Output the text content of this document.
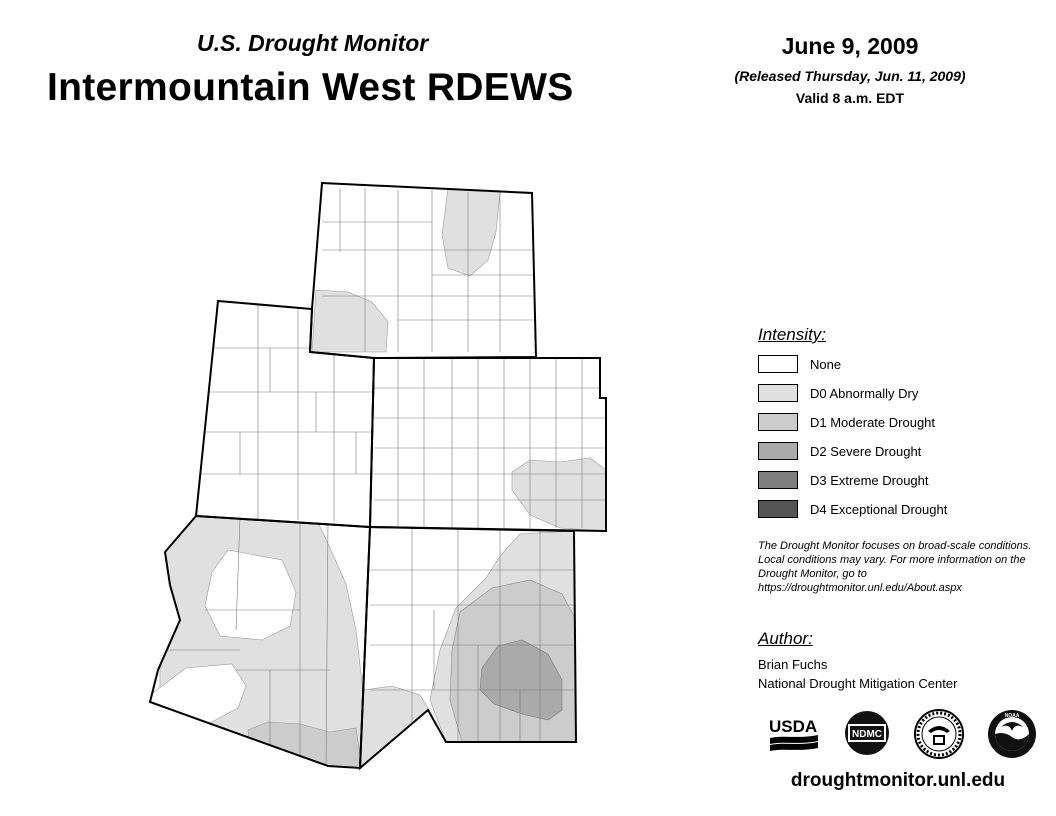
U.S. Drought Monitor
Intermountain West RDEWS
June 9, 2009
(Released Thursday, Jun. 11, 2009)
Valid 8 a.m. EDT
Intensity:
None
D0 Abnormally Dry
D1 Moderate Drought
D2 Severe Drought
D3 Extreme Drought
D4 Exceptional Drought
The Drought Monitor focuses on broad-scale conditions. Local conditions may vary. For more information on the Drought Monitor, go to https://droughtmonitor.unl.edu/About.aspx
Author:
Brian Fuchs
National Drought Mitigation Center
USDA	NDMC
NOAA
droughtmonitor.unl.edu
